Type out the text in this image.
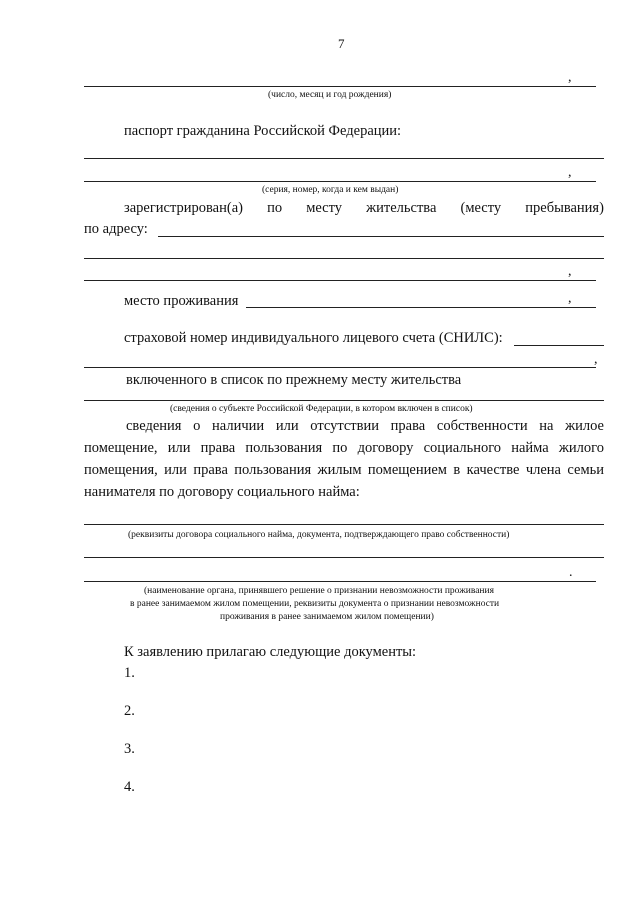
7
,
(число, месяц и год рождения)
паспорт гражданина Российской Федерации:
,
(серия, номер, когда и кем выдан)
зарегистрирован(а) по месту жительства (месту пребывания)
по адресу:
,
место проживания	,
страховой номер индивидуального лицевого счета (СНИЛС):
,
включенного в список по прежнему месту жительства
(сведения о субъекте Российской Федерации, в котором включен в список)
сведения о наличии или отсутствии права собственности на жилое
помещение, или права пользования по договору социального найма жилого
помещения, или права пользования жилым помещением в качестве члена семьи
нанимателя по договору социального найма:
(реквизиты договора социального найма, документа, подтверждающего право собственности)
.
(наименование органа, принявшего решение о признании невозможности проживания
в ранее занимаемом жилом помещении, реквизиты документа о признании невозможности
проживания в ранее занимаемом жилом помещении)
К заявлению прилагаю следующие документы:
1.
2.
3.
4.
